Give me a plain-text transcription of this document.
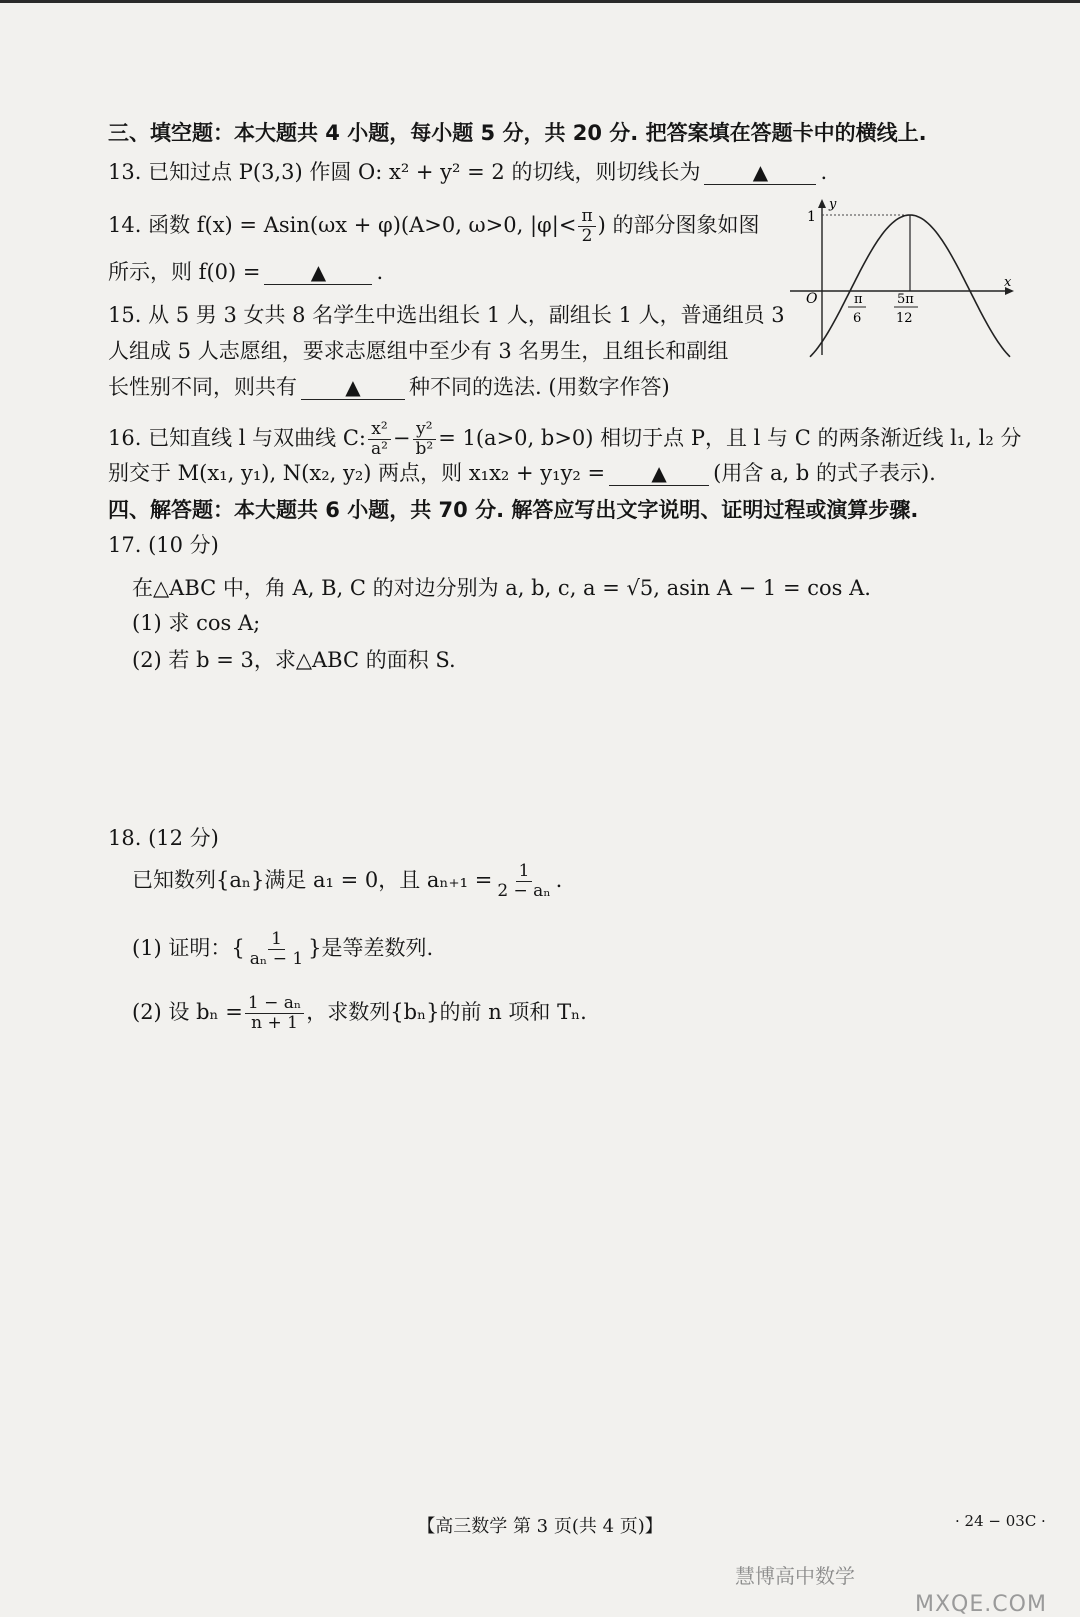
三、填空题：本大题共 4 小题，每小题 5 分，共 20 分. 把答案填在答题卡中的横线上.
13. 已知过点 P(3,3) 作圆 O: x² + y² = 2 的切线，则切线长为	▲ .
14. 函数 f(x) = Asin(ωx + φ)(A>0, ω>0, $|\varphi|< \frac{\pi}{2}$ ) 的部分图象如图
所示，则 f(0) =	▲ .
y
1
x
O	π
6
5π
12
15. 从 5 男 3 女共 8 名学生中选出组长 1 人，副组长 1 人，普通组员 3
人组成 5 人志愿组，要求志愿组中至少有 3 名男生，且组长和副组
长性别不同，则共有 ▲ 种不同的选法. (用数字作答)
16. 已知直线 l 与双曲线 C: $\frac{\text{x²}}{\text{a²}} - \frac{\text{y²}}{\text{b²}} = 1(a>0$, b>0) 相切于点 P，且 l 与 C 的两条渐近线 l₁, l₂ 分
别交于 M(x₁, y₁), N(x₂, y₂) 两点，则 x₁x₂ + y₁y₂ = ▲ (用含 a, b 的式子表示).
四、解答题：本大题共 6 小题，共 70 分. 解答应写出文字说明、证明过程或演算步骤.
17. (10 分)
在△ABC 中，角 A, B, C 的对边分别为 a, b, c, a = √5, asin A − 1 = cos A.
(1) 求 cos A;
(2) 若 b = 3，求△ABC 的面积 S.
18. (12 分)
已知数列{aₙ}满足 a₁ = 0，且 $a_{n+1} = \frac{1}{\text{2 − aₙ}}$ .
(1) 证明：{ $\frac{1}{\text{aₙ − 1}}$ }是等差数列.
(2) 设 $b_n = \frac{\text{1 − aₙ}}{n + 1}$ ，求数列{bₙ}的前 n 项和 Tₙ.
【高三数学 第 3 页(共 4 页)】	· 24 − 03C ·
慧博高中数学
MXQE.COM
